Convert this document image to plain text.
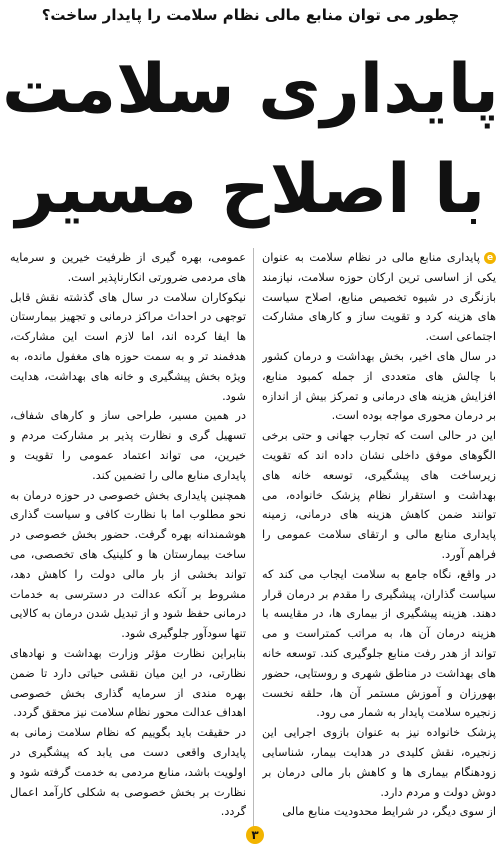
چطور می توان منابع مالی نظام سلامت را پایدار ساخت؟
پایداری سلامت
با اصلاح مسیر
e

پایداری منابع مالی در نظام سلامت به عنوان یکی از اساسی ترین ارکان حوزه سلامت، نیازمند بازنگری در شیوه تخصیص منابع، اصلاح سیاست های هزینه کرد و تقویت ساز و کارهای مشارکت اجتماعی است.

در سال های اخیر، بخش بهداشت و درمان کشور با چالش های متعددی از جمله کمبود منابع، افزایش هزینه های درمانی و تمرکز بیش از اندازه بر درمان محوری مواجه بوده است.

این در حالی است که تجارب جهانی و حتی برخی الگوهای موفق داخلی نشان داده اند که تقویت زیرساخت های پیشگیری، توسعه خانه های بهداشت و استقرار نظام پزشک خانواده، می توانند ضمن کاهش هزینه های درمانی، زمینه پایداری منابع مالی و ارتقای سلامت عمومی را فراهم آورد.

در واقع، نگاه جامع به سلامت ایجاب می کند که سیاست گذاران، پیشگیری را مقدم بر درمان قرار دهند. هزینه پیشگیری از بیماری ها، در مقایسه با هزینه درمان آن ها، به مراتب کمتراست و می تواند از هدر رفت منابع جلوگیری کند. توسعه خانه های بهداشت در مناطق شهری و روستایی، حضور بهورزان و آموزش مستمر آن ها، حلقه نخست زنجیره سلامت پایدار به شمار می رود.

پزشک خانواده نیز به عنوان بازوی اجرایی این زنجیره، نقش کلیدی در هدایت بیمار، شناسایی زودهنگام بیماری ها و کاهش بار مالی درمان بر دوش دولت و مردم دارد.

از سوی دیگر، در شرایط محدودیت منابع مالی

عمومی، بهره گیری از ظرفیت خیرین و سرمایه های مردمی ضرورتی انکارناپذیر است.

نیکوکاران سلامت در سال های گذشته نقش قابل توجهی در احداث مراکز درمانی و تجهیز بیمارستان ها ایفا کرده اند، اما لازم است این مشارکت، هدفمند تر و به سمت حوزه های مغفول مانده، به ویژه بخش پیشگیری و خانه های بهداشت، هدایت شود.

در همین مسیر، طراحی ساز و کارهای شفاف، تسهیل گری و نظارت پذیر بر مشارکت مردم و خیرین، می تواند اعتماد عمومی را تقویت و پایداری منابع مالی را تضمین کند.

همچنین پایداری بخش خصوصی در حوزه درمان به نحو مطلوب اما با نظارت کافی و سیاست گذاری هوشمندانه بهره گرفت. حضور بخش خصوصی در ساخت بیمارستان ها و کلینیک های تخصصی، می تواند بخشی از بار مالی دولت را کاهش دهد، مشروط بر آنکه عدالت در دسترسی به خدمات درمانی حفظ شود و از تبدیل شدن درمان به کالایی تنها سودآور جلوگیری شود.

بنابراین نظارت مؤثر وزارت بهداشت و نهادهای نظارتی، در این میان نقشی حیاتی دارد تا ضمن بهره مندی از سرمایه گذاری بخش خصوصی اهداف عدالت محور نظام سلامت نیز محقق گردد.

در حقیقت باید بگوییم که نظام سلامت زمانی به پایداری واقعی دست می یابد که پیشگیری در اولویت باشد، منابع مردمی به خدمت گرفته شود و نظارت بر بخش خصوصی به شکلی کارآمد اعمال گردد.

۳
